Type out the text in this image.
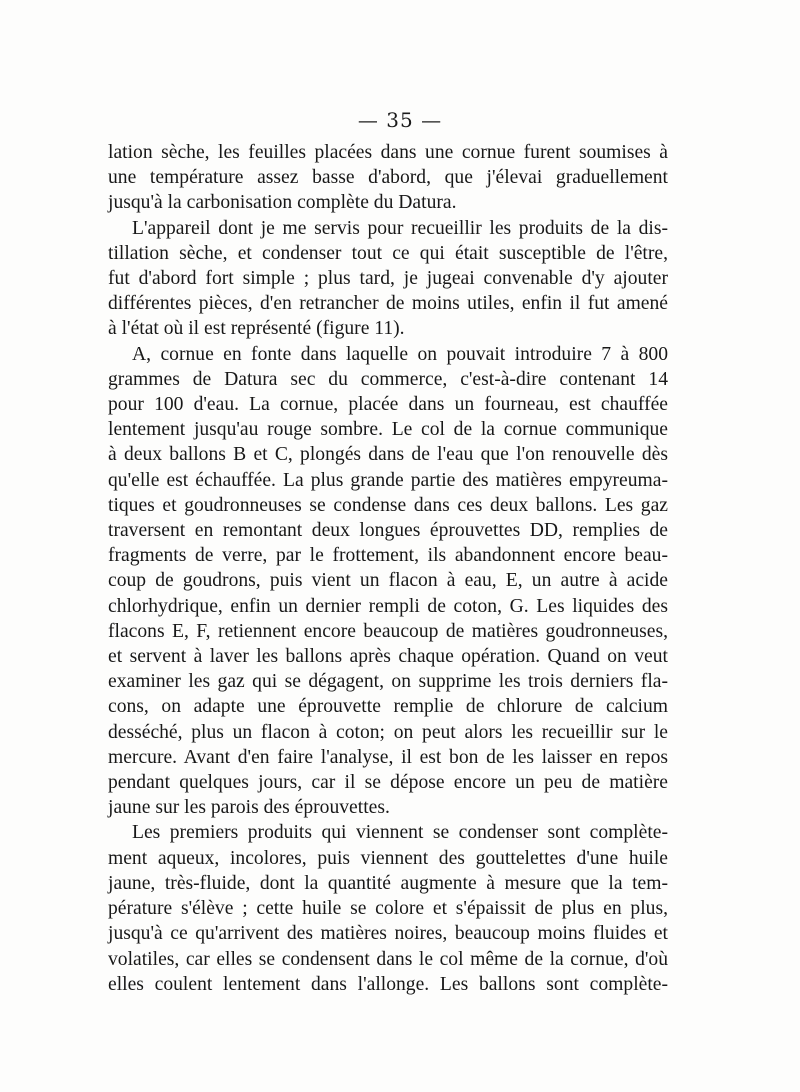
— 35 —
lation sèche, les feuilles placées dans une cornue furent soumises à
une température assez basse d'abord, que j'élevai graduellement
jusqu'à la carbonisation complète du Datura.
L'appareil dont je me servis pour recueillir les produits de la dis-
tillation sèche, et condenser tout ce qui était susceptible de l'être,
fut d'abord fort simple ; plus tard, je jugeai convenable d'y ajouter
différentes pièces, d'en retrancher de moins utiles, enfin il fut amené
à l'état où il est représenté (figure 11).
A, cornue en fonte dans laquelle on pouvait introduire 7 à 800
grammes de Datura sec du commerce, c'est-à-dire contenant 14
pour 100 d'eau. La cornue, placée dans un fourneau, est chauffée
lentement jusqu'au rouge sombre. Le col de la cornue communique
à deux ballons B et C, plongés dans de l'eau que l'on renouvelle dès
qu'elle est échauffée. La plus grande partie des matières empyreuma-
tiques et goudronneuses se condense dans ces deux ballons. Les gaz
traversent en remontant deux longues éprouvettes DD, remplies de
fragments de verre, par le frottement, ils abandonnent encore beau-
coup de goudrons, puis vient un flacon à eau, E, un autre à acide
chlorhydrique, enfin un dernier rempli de coton, G. Les liquides des
flacons E, F, retiennent encore beaucoup de matières goudronneuses,
et servent à laver les ballons après chaque opération. Quand on veut
examiner les gaz qui se dégagent, on supprime les trois derniers fla-
cons, on adapte une éprouvette remplie de chlorure de calcium
desséché, plus un flacon à coton; on peut alors les recueillir sur le
mercure. Avant d'en faire l'analyse, il est bon de les laisser en repos
pendant quelques jours, car il se dépose encore un peu de matière
jaune sur les parois des éprouvettes.
Les premiers produits qui viennent se condenser sont complète-
ment aqueux, incolores, puis viennent des gouttelettes d'une huile
jaune, très-fluide, dont la quantité augmente à mesure que la tem-
pérature s'élève ; cette huile se colore et s'épaissit de plus en plus,
jusqu'à ce qu'arrivent des matières noires, beaucoup moins fluides et
volatiles, car elles se condensent dans le col même de la cornue, d'où
elles coulent lentement dans l'allonge. Les ballons sont complète-
